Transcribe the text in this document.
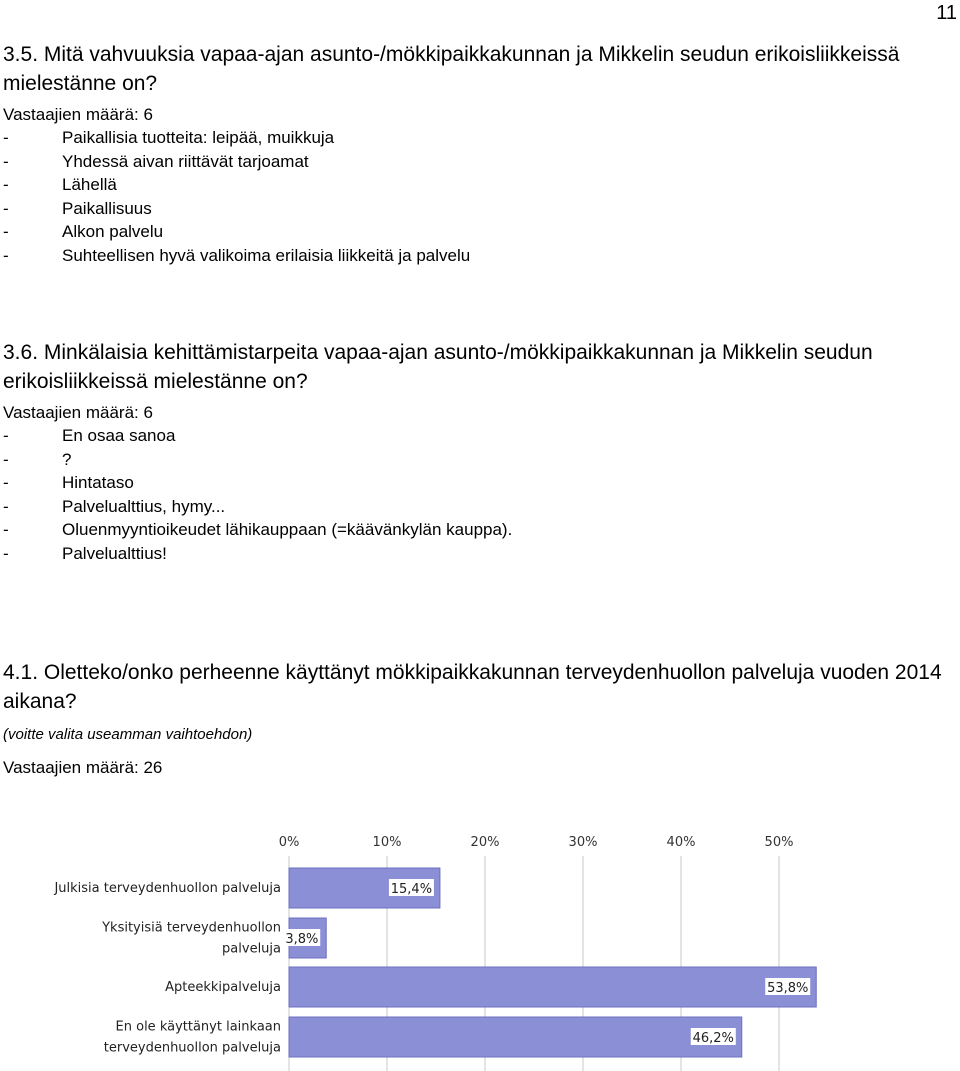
11
3.5. Mitä vahvuuksia vapaa-ajan asunto-/mökkipaikkakunnan ja Mikkelin seudun erikoisliikkeissä mielestänne on?
Vastaajien määrä: 6
-	Paikallisia tuotteita: leipää, muikkuja
-	Yhdessä aivan riittävät tarjoamat
-	Lähellä
-	Paikallisuus
-	Alkon palvelu
-	Suhteellisen hyvä valikoima erilaisia liikkeitä ja palvelu
3.6. Minkälaisia kehittämistarpeita vapaa-ajan asunto-/mökkipaikkakunnan ja Mikkelin seudun erikoisliikkeissä mielestänne on?
Vastaajien määrä: 6
-	En osaa sanoa
-	?
-	Hintataso
-	Palvelualttius, hymy...
-	Oluenmyyntioikeudet lähikauppaan (=käävänkylän kauppa).
-	Palvelualttius!
4.1. Oletteko/onko perheenne käyttänyt mökkipaikkakunnan terveydenhuollon palveluja vuoden 2014 aikana?
(voitte valita useamman vaihtoehdon)
Vastaajien määrä: 26
0%	10%	20%	30%	40%	50%
15,4%
Julkisia terveydenhuollon palveluja
3,8%
Yksityisiä terveydenhuollon
palveluja
53,8%
Apteekkipalveluja
46,2%
En ole käyttänyt lainkaan
terveydenhuollon palveluja
